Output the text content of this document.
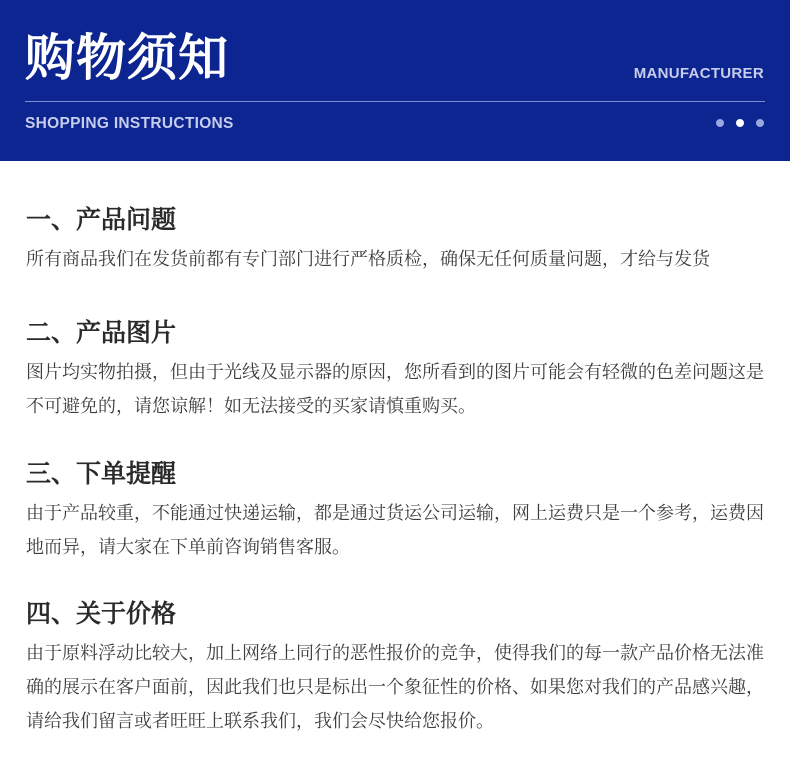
购物须知	MANUFACTURER
SHOPPING INSTRUCTIONS
一、产品问题

所有商品我们在发货前都有专门部门进行严格质检，确保无任何质量问题，才给与发货

二、产品图片

图片均实物拍摄，但由于光线及显示器的原因，您所看到的图片可能会有轻微的色差问题这是不可避免的，请您谅解！如无法接受的买家请慎重购买。

三、下单提醒

由于产品较重，不能通过快递运输，都是通过货运公司运输，网上运费只是一个参考，运费因地而异，请大家在下单前咨询销售客服。

四、关于价格

由于原料浮动比较大，加上网络上同行的恶性报价的竞争，使得我们的每一款产品价格无法准确的展示在客户面前，因此我们也只是标出一个象征性的价格、如果您对我们的产品感兴趣，请给我们留言或者旺旺上联系我们，我们会尽快给您报价。
